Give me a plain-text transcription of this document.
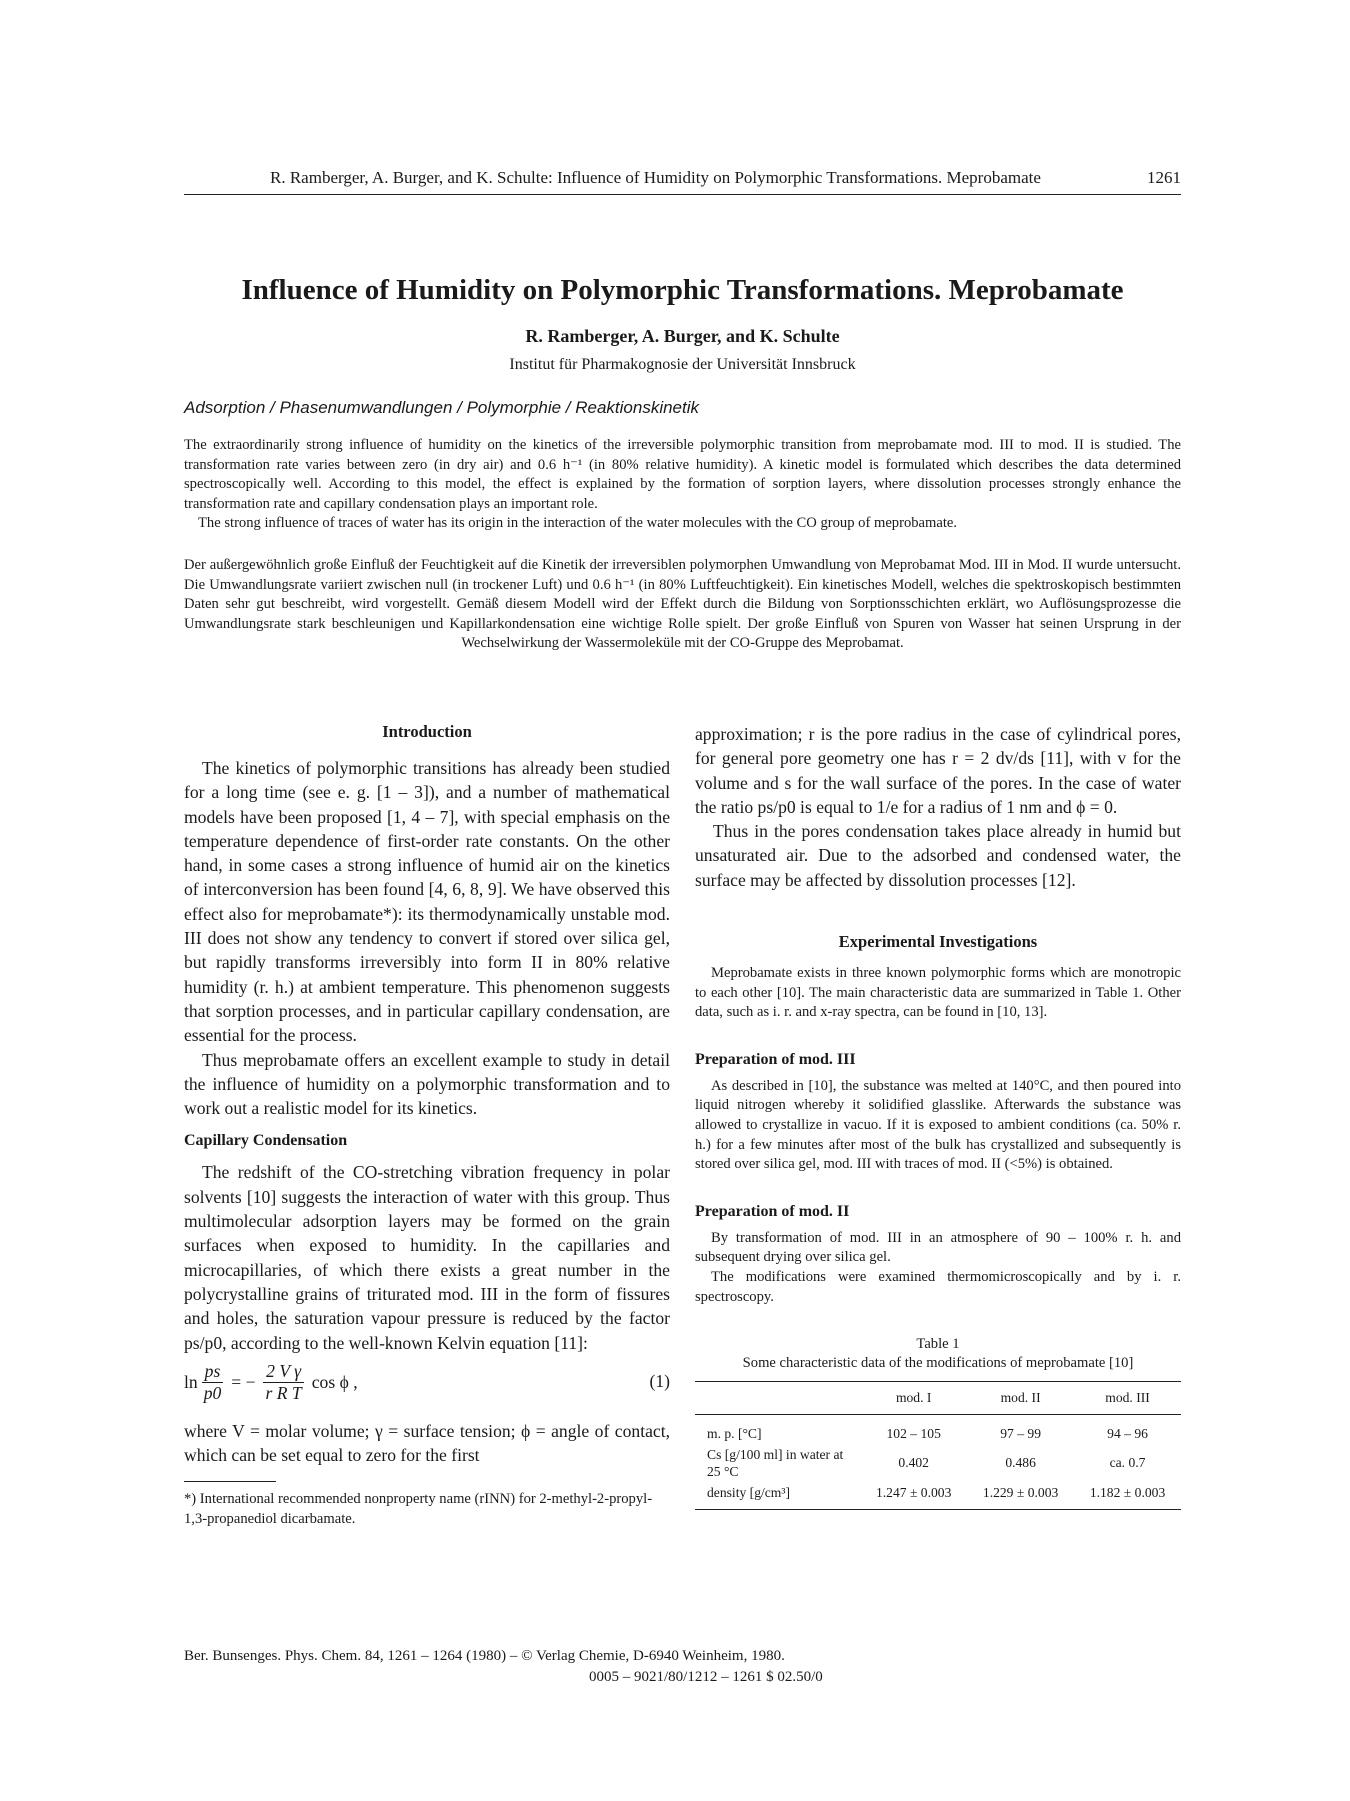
R. Ramberger, A. Burger, and K. Schulte: Influence of Humidity on Polymorphic Transformations. Meprobamate	1261
Influence of Humidity on Polymorphic Transformations. Meprobamate
R. Ramberger, A. Burger, and K. Schulte
Institut für Pharmakognosie der Universität Innsbruck
Adsorption / Phasenumwandlungen / Polymorphie / Reaktionskinetik

The extraordinarily strong influence of humidity on the kinetics of the irreversible polymorphic transition from meprobamate mod. III to mod. II is studied. The transformation rate varies between zero (in dry air) and 0.6 h⁻¹ (in 80% relative humidity). A kinetic model is formulated which describes the data determined spectroscopically well. According to this model, the effect is explained by the formation of sorption layers, where dissolution processes strongly enhance the transformation rate and capillary condensation plays an important role.

The strong influence of traces of water has its origin in the interaction of the water molecules with the CO group of meprobamate.

Der außergewöhnlich große Einfluß der Feuchtigkeit auf die Kinetik der irreversiblen polymorphen Umwandlung von Meprobamat Mod. III in Mod. II wurde untersucht. Die Umwandlungsrate variiert zwischen null (in trockener Luft) und 0.6 h⁻¹ (in 80% Luftfeuchtigkeit). Ein kinetisches Modell, welches die spektroskopisch bestimmten Daten sehr gut beschreibt, wird vorgestellt. Gemäß diesem Modell wird der Effekt durch die Bildung von Sorptionsschichten erklärt, wo Auflösungsprozesse die Umwandlungsrate stark beschleunigen und Kapillarkondensation eine wichtige Rolle spielt. Der große Einfluß von Spuren von Wasser hat seinen Ursprung in der Wechselwirkung der Wassermoleküle mit der CO-Gruppe des Meprobamat.

Introduction

The kinetics of polymorphic transitions has already been studied for a long time (see e. g. [1 – 3]), and a number of mathematical models have been proposed [1, 4 – 7], with special emphasis on the temperature dependence of first-order rate constants. On the other hand, in some cases a strong influence of humid air on the kinetics of interconversion has been found [4, 6, 8, 9]. We have observed this effect also for meprobamate*): its thermodynamically unstable mod. III does not show any tendency to convert if stored over silica gel, but rapidly transforms irreversibly into form II in 80% relative humidity (r. h.) at ambient temperature. This phenomenon suggests that sorption processes, and in particular capillary condensation, are essential for the process.

Thus meprobamate offers an excellent example to study in detail the influence of humidity on a polymorphic transformation and to work out a realistic model for its kinetics.

Capillary Condensation

The redshift of the CO-stretching vibration frequency in polar solvents [10] suggests the interaction of water with this group. Thus multimolecular adsorption layers may be formed on the grain surfaces when exposed to humidity. In the capillaries and microcapillaries, of which there exists a great number in the polycrystalline grains of triturated mod. III in the form of fissures and holes, the saturation vapour pressure is reduced by the factor ps/p0, according to the well-known Kelvin equation [11]:

$\ln \frac{ps}{p0}$ = − $\frac{\text{2 V γ}}{\text{r R T}}$ cos ϕ ,	(1)

where V = molar volume; γ = surface tension; ϕ = angle of contact, which can be set equal to zero for the first

*) International recommended nonproperty name (rINN) for 2-methyl-2-propyl-1,3-propanediol dicarbamate.

approximation; r is the pore radius in the case of cylindrical pores, for general pore geometry one has r = 2 dv/ds [11], with v for the volume and s for the wall surface of the pores. In the case of water the ratio ps/p0 is equal to 1/e for a radius of 1 nm and ϕ = 0.

Thus in the pores condensation takes place already in humid but unsaturated air. Due to the adsorbed and condensed water, the surface may be affected by dissolution processes [12].

Experimental Investigations

Meprobamate exists in three known polymorphic forms which are monotropic to each other [10]. The main characteristic data are summarized in Table 1. Other data, such as i. r. and x-ray spectra, can be found in [10, 13].

Preparation of mod. III

As described in [10], the substance was melted at 140°C, and then poured into liquid nitrogen whereby it solidified glasslike. Afterwards the substance was allowed to crystallize in vacuo. If it is exposed to ambient conditions (ca. 50% r. h.) for a few minutes after most of the bulk has crystallized and subsequently is stored over silica gel, mod. III with traces of mod. II (<5%) is obtained.

Preparation of mod. II

By transformation of mod. III in an atmosphere of 90 – 100% r. h. and subsequent drying over silica gel.

The modifications were examined thermomicroscopically and by i. r. spectroscopy.

Table 1
Some characteristic data of the modifications of meprobamate [10]
	mod. I	mod. II	mod. III
m. p. [°C]	102 – 105	97 – 99	94 – 96
Cs [g/100 ml] in water at 25 °C	0.402	0.486	ca. 0.7
density [g/cm³]	1.247 ± 0.003	1.229 ± 0.003	1.182 ± 0.003
Ber. Bunsenges. Phys. Chem. 84, 1261 – 1264 (1980) – © Verlag Chemie, D-6940 Weinheim, 1980.
0005 – 9021/80/1212 – 1261 $ 02.50/0
